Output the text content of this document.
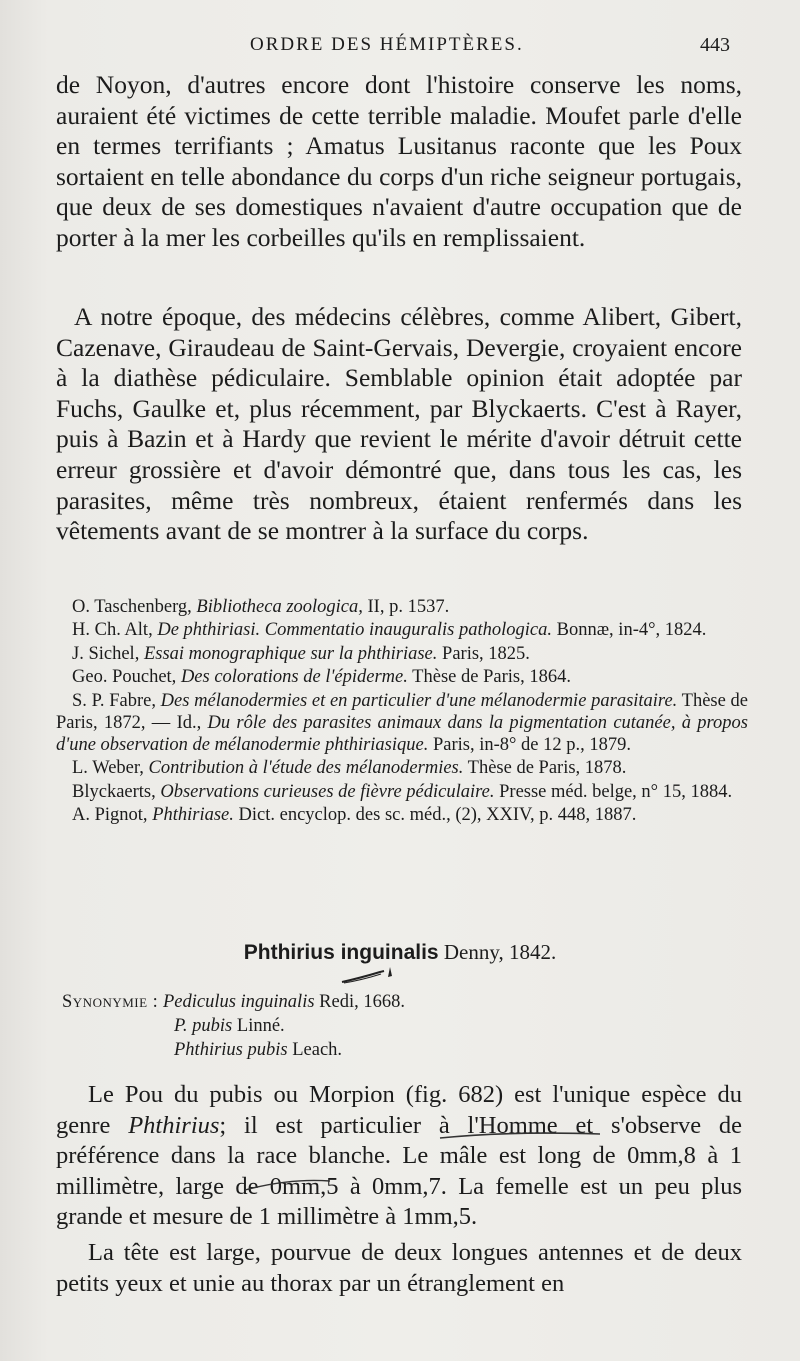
ORDRE DES HÉMIPTÈRES.	443

de Noyon, d'autres encore dont l'histoire conserve les noms, auraient été victimes de cette terrible maladie. Moufet parle d'elle en termes terrifiants ; Amatus Lusitanus raconte que les Poux sortaient en telle abondance du corps d'un riche seigneur portugais, que deux de ses domestiques n'avaient d'autre occupation que de porter à la mer les corbeilles qu'ils en remplissaient.

A notre époque, des médecins célèbres, comme Alibert, Gibert, Cazenave, Giraudeau de Saint-Gervais, Devergie, croyaient encore à la diathèse pédiculaire. Semblable opinion était adoptée par Fuchs, Gaulke et, plus récemment, par Blyckaerts. C'est à Rayer, puis à Bazin et à Hardy que revient le mérite d'avoir détruit cette erreur grossière et d'avoir démontré que, dans tous les cas, les parasites, même très nombreux, étaient renfermés dans les vêtements avant de se montrer à la surface du corps.

O. Taschenberg, Bibliotheca zoologica, II, p. 1537.

H. Ch. Alt, De phthiriasi. Commentatio inauguralis pathologica. Bonnæ, in-4°, 1824.

J. Sichel, Essai monographique sur la phthiriase. Paris, 1825.

Geo. Pouchet, Des colorations de l'épiderme. Thèse de Paris, 1864.

S. P. Fabre, Des mélanodermies et en particulier d'une mélanodermie parasitaire. Thèse de Paris, 1872, — Id., Du rôle des parasites animaux dans la pigmentation cutanée, à propos d'une observation de mélanodermie phthiriasique. Paris, in-8° de 12 p., 1879.

L. Weber, Contribution à l'étude des mélanodermies. Thèse de Paris, 1878.

Blyckaerts, Observations curieuses de fièvre pédiculaire. Presse méd. belge, n° 15, 1884.

A. Pignot, Phthiriase. Dict. encyclop. des sc. méd., (2), XXIV, p. 448, 1887.

Phthirius inguinalis Denny, 1842.
Synonymie : Pediculus inguinalis Redi, 1668.
P. pubis Linné.
Phthirius pubis Leach.

Le Pou du pubis ou Morpion (fig. 682) est l'unique espèce du genre Phthirius; il est particulier à l'Homme et s'observe de préférence dans la race blanche. Le mâle est long de 0mm,8 à 1 millimètre, large de 0mm,5 à 0mm,7. La femelle est un peu plus grande et mesure de 1 millimètre à 1mm,5.

La tête est large, pourvue de deux longues antennes et de deux petits yeux et unie au thorax par un étranglement en
